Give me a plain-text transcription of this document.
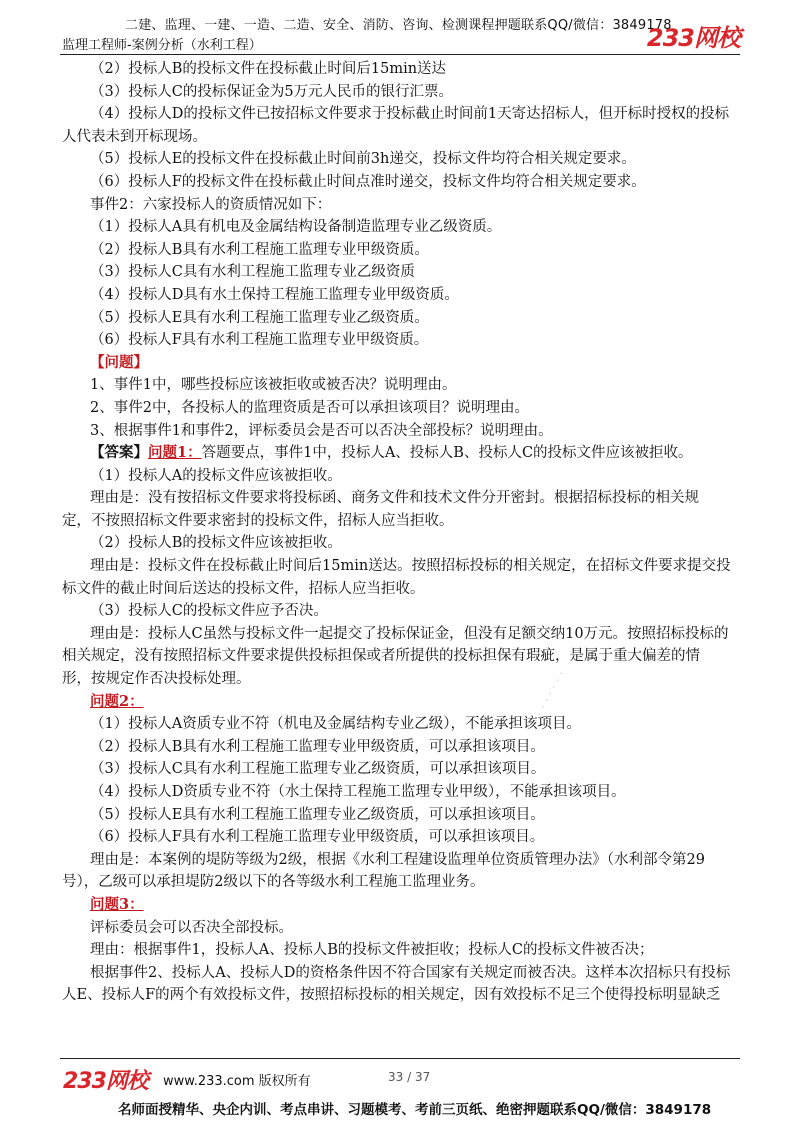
二建、监理、一建、一造、二造、安全、消防、咨询、检测课程押题联系QQ/微信：3849178
监理工程师-案例分析（水利工程）	233网校
（2）投标人B的投标文件在投标截止时间后15min送达
（3）投标人C的投标保证金为5万元人民币的银行汇票。
（4）投标人D的投标文件已按招标文件要求于投标截止时间前1天寄达招标人，但开标时授权的投标
人代表未到开标现场。
（5）投标人E的投标文件在投标截止时间前3h递交，投标文件均符合相关规定要求。
（6）投标人F的投标文件在投标截止时间点准时递交，投标文件均符合相关规定要求。
事件2：六家投标人的资质情况如下：
（1）投标人A具有机电及金属结构设备制造监理专业乙级资质。
（2）投标人B具有水利工程施工监理专业甲级资质。
（3）投标人C具有水利工程施工监理专业乙级资质
（4）投标人D具有水土保持工程施工监理专业甲级资质。
（5）投标人E具有水利工程施工监理专业乙级资质。
（6）投标人F具有水利工程施工监理专业甲级资质。
【问题】
1、事件1中，哪些投标应该被拒收或被否决？说明理由。
2、事件2中，各投标人的监理资质是否可以承担该项目？说明理由。
3、根据事件1和事件2，评标委员会是否可以否决全部投标？说明理由。
【答案】问题1：答题要点，事件1中，投标人A、投标人B、投标人C的投标文件应该被拒收。
（1）投标人A的投标文件应该被拒收。
理由是：没有按招标文件要求将投标函、商务文件和技术文件分开密封。根据招标投标的相关规
定，不按照招标文件要求密封的投标文件，招标人应当拒收。
（2）投标人B的投标文件应该被拒收。
理由是：投标文件在投标截止时间后15min送达。按照招标投标的相关规定，在招标文件要求提交投
标文件的截止时间后送达的投标文件，招标人应当拒收。
（3）投标人C的投标文件应予否决。
理由是：投标人C虽然与投标文件一起提交了投标保证金，但没有足额交纳10万元。按照招标投标的
相关规定，没有按照招标文件要求提供投标担保或者所提供的投标担保有瑕疵，是属于重大偏差的情
形，按规定作否决投标处理。
问题2：
（1）投标人A资质专业不符（机电及金属结构专业乙级），不能承担该项目。
（2）投标人B具有水利工程施工监理专业甲级资质，可以承担该项目。
（3）投标人C具有水利工程施工监理专业乙级资质，可以承担该项目。
（4）投标人D资质专业不符（水土保持工程施工监理专业甲级），不能承担该项目。
（5）投标人E具有水利工程施工监理专业乙级资质，可以承担该项目。
（6）投标人F具有水利工程施工监理专业甲级资质，可以承担该项目。
理由是：本案例的堤防等级为2级，根据《水利工程建设监理单位资质管理办法》（水利部令第29
号），乙级可以承担堤防2级以下的各等级水利工程施工监理业务。
问题3：
评标委员会可以否决全部投标。
理由：根据事件1，投标人A、投标人B的投标文件被拒收；投标人C的投标文件被否决；
根据事件2、投标人A、投标人D的资格条件因不符合国家有关规定而被否决。这样本次招标只有投标
人E、投标人F的两个有效投标文件，按照招标投标的相关规定，因有效投标不足三个使得投标明显缺乏
· · · · · · · ·
· · · · · · · ·
233网校 www.233.com 版权所有	33 / 37
名师面授精华、央企内训、考点串讲、习题模考、考前三页纸、绝密押题联系QQ/微信：3849178
